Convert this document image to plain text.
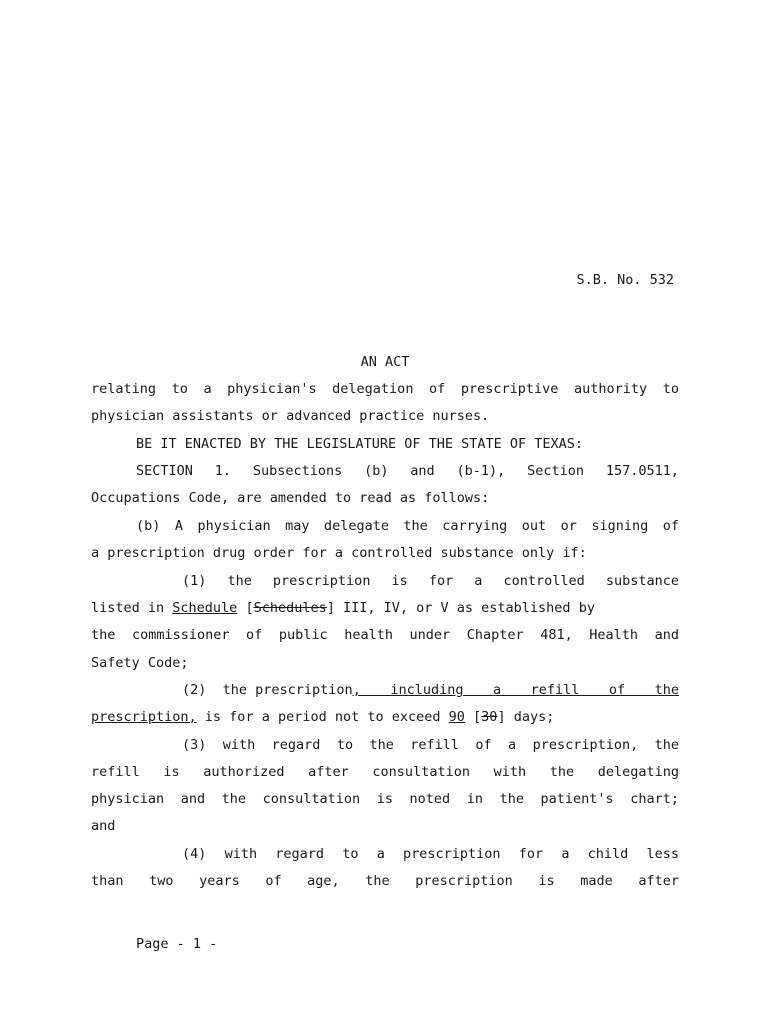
S.B. No. 532
AN ACT
relating to a physician's delegation of prescriptive authority to
physician assistants or advanced practice nurses.
BE IT ENACTED BY THE LEGISLATURE OF THE STATE OF TEXAS:
SECTION 1. Subsections (b) and (b-1), Section 157.0511,
Occupations Code, are amended to read as follows:
(b) A physician may delegate the carrying out or signing of
a prescription drug order for a controlled substance only if:
(1) the prescription is for a controlled substance
listed in Schedule [Schedules] III, IV, or V as established by
the commissioner of public health under Chapter 481, Health and
Safety Code;
(2)  the prescription , including a refill of the
prescription, is for a period not to exceed 90 [30] days;
(3) with regard to the refill of a prescription, the
refill is authorized after consultation with the delegating
physician and the consultation is noted in the patient's chart;
and
(4) with regard to a prescription for a child less
than two years of age, the prescription is made after
Page - 1 -
